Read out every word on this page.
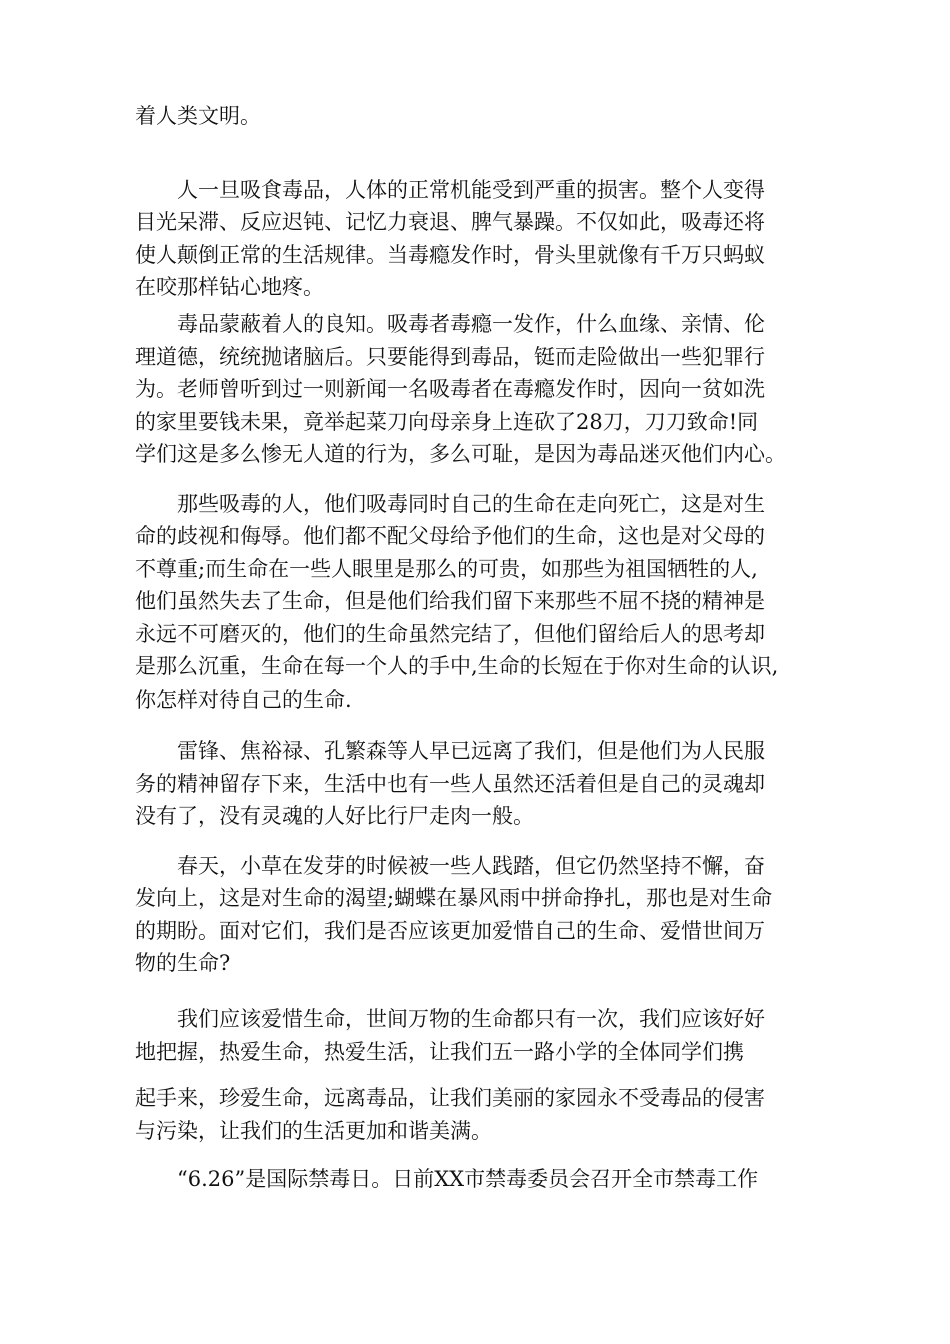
着人类文明。

人一旦吸食毒品，人体的正常机能受到严重的损害。整个人变得

目光呆滞、反应迟钝、记忆力衰退、脾气暴躁。不仅如此，吸毒还将

使人颠倒正常的生活规律。当毒瘾发作时，骨头里就像有千万只蚂蚁

在咬那样钻心地疼。

毒品蒙蔽着人的良知。吸毒者毒瘾一发作，什么血缘、亲情、伦

理道德，统统抛诸脑后。只要能得到毒品，铤而走险做出一些犯罪行

为。老师曾听到过一则新闻一名吸毒者在毒瘾发作时，因向一贫如洗

的家里要钱未果，竟举起菜刀向母亲身上连砍了28刀，刀刀致命!同

学们这是多么惨无人道的行为，多么可耻，是因为毒品迷灭他们内心。

那些吸毒的人，他们吸毒同时自己的生命在走向死亡，这是对生

命的歧视和侮辱。他们都不配父母给予他们的生命，这也是对父母的

不尊重;而生命在一些人眼里是那么的可贵，如那些为祖国牺牲的人,

他们虽然失去了生命，但是他们给我们留下来那些不屈不挠的精神是

永远不可磨灭的，他们的生命虽然完结了，但他们留给后人的思考却

是那么沉重，生命在每一个人的手中,生命的长短在于你对生命的认识,

你怎样对待自己的生命.

雷锋、焦裕禄、孔繁森等人早已远离了我们，但是他们为人民服

务的精神留存下来，生活中也有一些人虽然还活着但是自己的灵魂却

没有了，没有灵魂的人好比行尸走肉一般。

春天，小草在发芽的时候被一些人践踏，但它仍然坚持不懈，奋

发向上，这是对生命的渴望;蝴蝶在暴风雨中拼命挣扎，那也是对生命

的期盼。面对它们，我们是否应该更加爱惜自己的生命、爱惜世间万

物的生命?

我们应该爱惜生命，世间万物的生命都只有一次，我们应该好好

地把握，热爱生命，热爱生活，让我们五一路小学的全体同学们携

起手来，珍爱生命，远离毒品，让我们美丽的家园永不受毒品的侵害

与污染，让我们的生活更加和谐美满。

“6.26”是国际禁毒日。日前XX市禁毒委员会召开全市禁毒工作
